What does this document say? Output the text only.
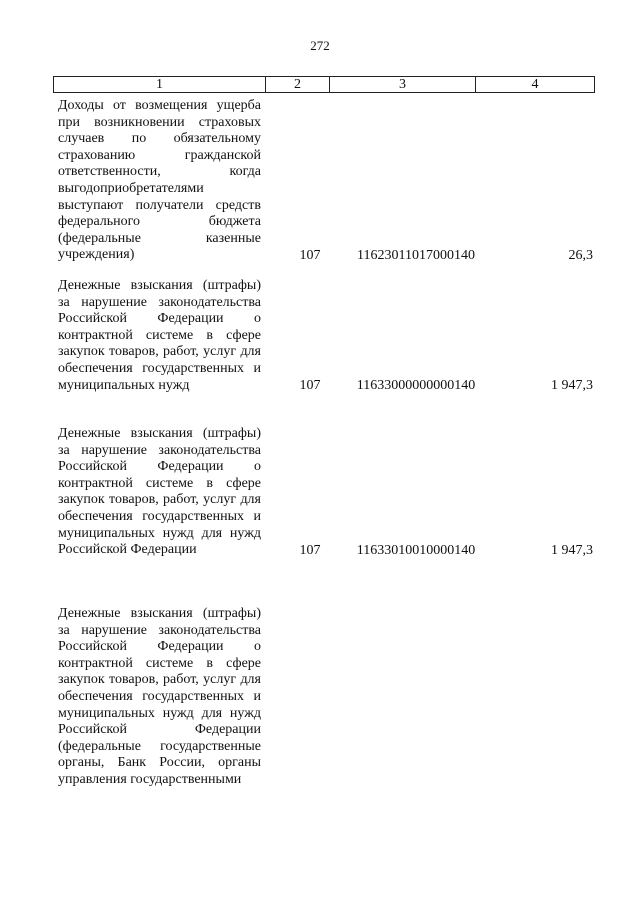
272
1	2	3	4
Доходы от возмещения ущерба при возникновении страховых случаев по обязательному страхованию гражданской ответственности, когда выгодоприобретателями выступают получатели средств федерального бюджета (федеральные казенные учреждения)	107	11623011017000140	26,3
Денежные взыскания (штрафы) за нарушение законодательства Российской Федерации о контрактной системе в сфере закупок товаров, работ, услуг для обеспечения государственных и муниципальных нужд	107	11633000000000140	1 947,3
Денежные взыскания (штрафы) за нарушение законодательства Российской Федерации о контрактной системе в сфере закупок товаров, работ, услуг для обеспечения государственных и муниципальных нужд для нужд Российской Федерации	107	11633010010000140	1 947,3
Денежные взыскания (штрафы) за нарушение законодательства Российской Федерации о контрактной системе в сфере закупок товаров, работ, услуг для обеспечения государственных и муниципальных нужд для нужд Российской Федерации (федеральные государственные органы, Банк России, органы управления государственными
